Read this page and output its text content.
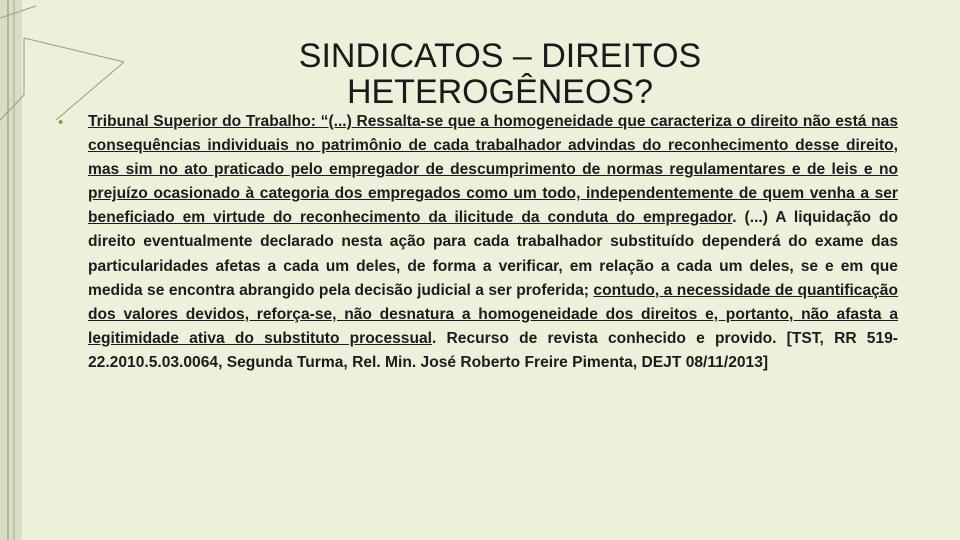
SINDICATOS – DIREITOS
HETEROGÊNEOS?
• Tribunal Superior do Trabalho: “(...) Ressalta-se que a homogeneidade que caracteriza o direito não está nas consequências individuais no patrimônio de cada trabalhador advindas do reconhecimento desse direito, mas sim no ato praticado pelo empregador de descumprimento de normas regulamentares e de leis e no prejuízo ocasionado à categoria dos empregados como um todo, independentemente de quem venha a ser beneficiado em virtude do reconhecimento da ilicitude da conduta do empregador. (...) A liquidação do direito eventualmente declarado nesta ação para cada trabalhador substituído dependerá do exame das particularidades afetas a cada um deles, de forma a verificar, em relação a cada um deles, se e em que medida se encontra abrangido pela decisão judicial a ser proferida; contudo, a necessidade de quantificação dos valores devidos, reforça-se, não desnatura a homogeneidade dos direitos e, portanto, não afasta a legitimidade ativa do substituto processual. Recurso de revista conhecido e provido. [TST, RR 519-22.2010.5.03.0064, Segunda Turma, Rel. Min. José Roberto Freire Pimenta, DEJT 08/11/2013]
